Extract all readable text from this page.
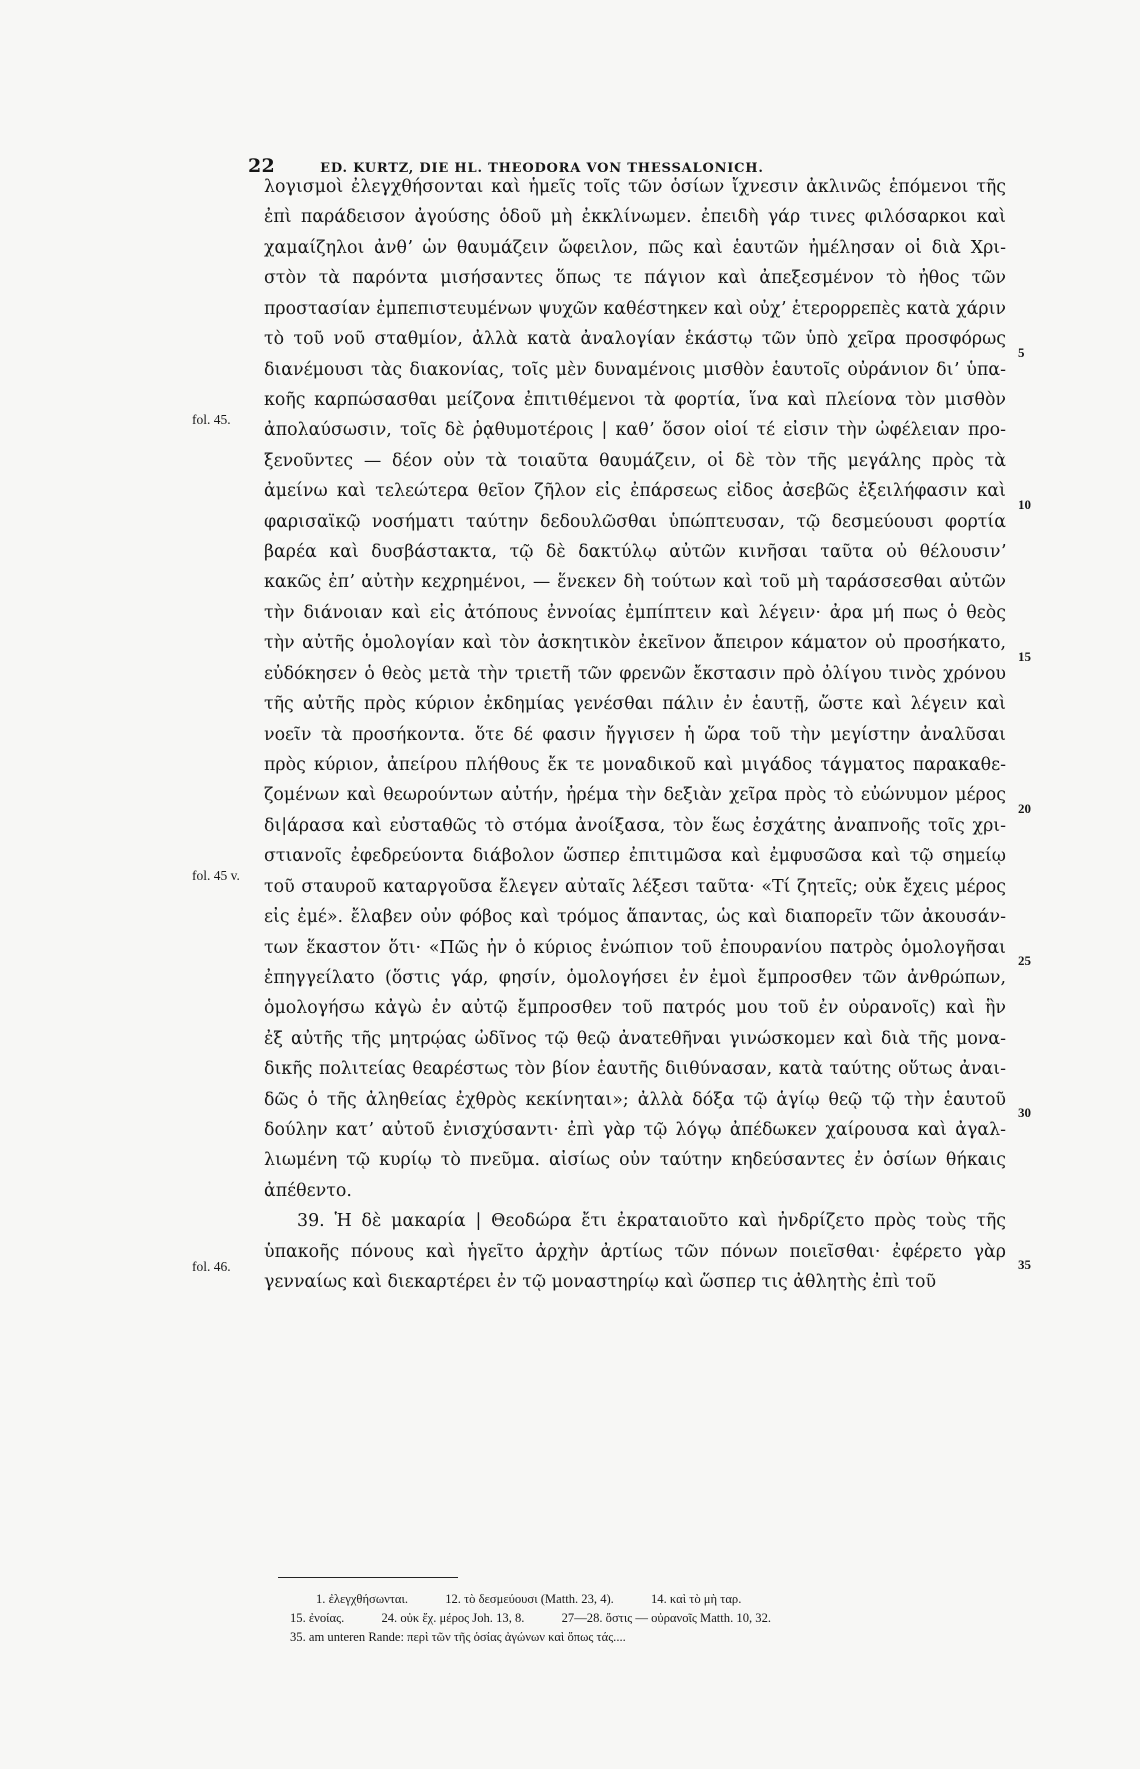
22	ED. KURTZ, DIE HL. THEODORA VON THESSALONICH.
λογισμοὶ ἐλεγχθήσονται καὶ ἡμεῖς τοῖς τῶν ὁσίων ἴχνεσιν ἀκλινῶς ἑπόμενοι τῆς
ἐπὶ παράδεισον ἀγούσης ὁδοῦ μὴ ἐκκλίνωμεν. ἐπειδὴ γάρ τινες φιλόσαρκοι καὶ
χαμαίζηλοι ἀνθʼ ὧν θαυμάζειν ὤφειλον, πῶς καὶ ἑαυτῶν ἠμέλησαν οἱ διὰ Χρι-
στὸν τὰ παρόντα μισήσαντες ὅπως τε πάγιον καὶ ἀπεξεσμένον τὸ ἦθος τῶν
προστασίαν ἐμπεπιστευμένων ψυχῶν καθέστηκεν καὶ οὐχʼ ἑτερορρεπὲς κατὰ χάριν
τὸ τοῦ νοῦ σταθμίον, ἀλλὰ κατὰ ἀναλογίαν ἑκάστῳ τῶν ὑπὸ χεῖρα προσφόρως
διανέμουσι τὰς διακονίας, τοῖς μὲν δυναμένοις μισθὸν ἑαυτοῖς οὐράνιον διʼ ὑπα-
κοῆς καρπώσασθαι μείζονα ἐπιτιθέμενοι τὰ φορτία, ἵνα καὶ πλείονα τὸν μισθὸν
ἀπολαύσωσιν, τοῖς δὲ ῥᾳθυμοτέροις | καθʼ ὅσον οἷοί τέ εἰσιν τὴν ὠφέλειαν προ-
ξενοῦντες — δέον οὖν τὰ τοιαῦτα θαυμάζειν, οἱ δὲ τὸν τῆς μεγάλης πρὸς τὰ
ἀμείνω καὶ τελεώτερα θεῖον ζῆλον εἰς ἐπάρσεως εἶδος ἀσεβῶς ἐξειλήφασιν καὶ
φαρισαϊκῷ νοσήματι ταύτην δεδουλῶσθαι ὑπώπτευσαν, τῷ δεσμεύουσι φορτία
βαρέα καὶ δυσβάστακτα, τῷ δὲ δακτύλῳ αὐτῶν κινῆσαι ταῦτα οὐ θέλουσινʼ
κακῶς ἐπʼ αὐτὴν κεχρημένοι, — ἕνεκεν δὴ τούτων καὶ τοῦ μὴ ταράσσεσθαι αὐτῶν
τὴν διάνοιαν καὶ εἰς ἀτόπους ἐννοίας ἐμπίπτειν καὶ λέγειν· ἆρα μή πως ὁ θεὸς
τὴν αὐτῆς ὁμολογίαν καὶ τὸν ἀσκητικὸν ἐκεῖνον ἄπειρον κάματον οὐ προσήκατο,
εὐδόκησεν ὁ θεὸς μετὰ τὴν τριετῆ τῶν φρενῶν ἔκστασιν πρὸ ὀλίγου τινὸς χρόνου
τῆς αὐτῆς πρὸς κύριον ἐκδημίας γενέσθαι πάλιν ἐν ἑαυτῇ, ὥστε καὶ λέγειν καὶ
νοεῖν τὰ προσήκοντα. ὅτε δέ φασιν ἤγγισεν ἡ ὥρα τοῦ τὴν μεγίστην ἀναλῦσαι
πρὸς κύριον, ἀπείρου πλήθους ἔκ τε μοναδικοῦ καὶ μιγάδος τάγματος παρακαθε-
ζομένων καὶ θεωρούντων αὐτήν, ἠρέμα τὴν δεξιὰν χεῖρα πρὸς τὸ εὐώνυμον μέρος
δι|άρασα καὶ εὐσταθῶς τὸ στόμα ἀνοίξασα, τὸν ἕως ἐσχάτης ἀναπνοῆς τοῖς χρι-
στιανοῖς ἐφεδρεύοντα διάβολον ὥσπερ ἐπιτιμῶσα καὶ ἐμφυσῶσα καὶ τῷ σημείῳ
τοῦ σταυροῦ καταργοῦσα ἔλεγεν αὐταῖς λέξεσι ταῦτα· «Τί ζητεῖς; οὐκ ἔχεις μέρος
εἰς ἐμέ». ἔλαβεν οὖν φόβος καὶ τρόμος ἅπαντας, ὡς καὶ διαπορεῖν τῶν ἀκουσάν-
των ἕκαστον ὅτι· «Πῶς ἦν ὁ κύριος ἐνώπιον τοῦ ἐπουρανίου πατρὸς ὁμολογῆσαι
ἐπηγγείλατο (ὅστις γάρ, φησίν, ὁμολογήσει ἐν ἐμοὶ ἔμπροσθεν τῶν ἀνθρώπων,
ὁμολογήσω κἀγὼ ἐν αὐτῷ ἔμπροσθεν τοῦ πατρός μου τοῦ ἐν οὐρανοῖς) καὶ ἣν
ἐξ αὐτῆς τῆς μητρῴας ὠδῖνος τῷ θεῷ ἀνατεθῆναι γινώσκομεν καὶ διὰ τῆς μονα-
δικῆς πολιτείας θεαρέστως τὸν βίον ἑαυτῆς διιθύνασαν, κατὰ ταύτης οὕτως ἀναι-
δῶς ὁ τῆς ἀληθείας ἐχθρὸς κεκίνηται»; ἀλλὰ δόξα τῷ ἁγίῳ θεῷ τῷ τὴν ἑαυτοῦ
δούλην κατʼ αὐτοῦ ἐνισχύσαντι· ἐπὶ γὰρ τῷ λόγῳ ἀπέδωκεν χαίρουσα καὶ ἀγαλ-
λιωμένη τῷ κυρίῳ τὸ πνεῦμα. αἰσίως οὖν ταύτην κηδεύσαντες ἐν ὁσίων θήκαις
ἀπέθεντο.
39. Ἡ δὲ μακαρία | Θεοδώρα ἔτι ἐκραταιοῦτο καὶ ἠνδρίζετο πρὸς τοὺς τῆς
ὑπακοῆς πόνους καὶ ἡγεῖτο ἀρχὴν ἀρτίως τῶν πόνων ποιεῖσθαι· ἐφέρετο γὰρ
γενναίως καὶ διεκαρτέρει ἐν τῷ μοναστηρίῳ καὶ ὥσπερ τις ἀθλητὴς ἐπὶ τοῦ
5
10
15
20
25
30
35
fol. 45.
fol. 45 v.
fol. 46.
1. ἐλεγχθήσωνται.	12. τὸ δεσμεύουσι (Matth. 23, 4).	14. καὶ τὸ μὴ ταρ.
15. ἐνοίας.	24. οὐκ ἔχ. μέρος Joh. 13, 8.	27—28. ὅστις — οὐρανοῖς Matth. 10, 32.
35. am unteren Rande: περὶ τῶν τῆς ὁσίας ἀγώνων καὶ ὅπως τάς....
